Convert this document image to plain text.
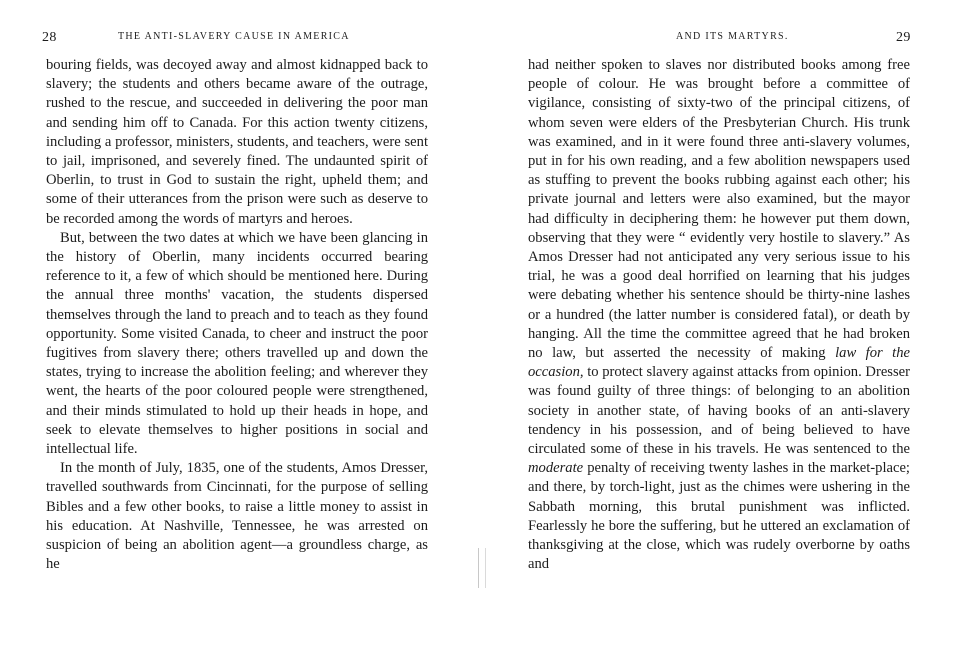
28	THE ANTI-SLAVERY CAUSE IN AMERICA

bouring fields, was decoyed away and almost kidnapped back to slavery; the students and others became aware of the outrage, rushed to the rescue, and succeeded in delivering the poor man and sending him off to Canada. For this action twenty citizens, including a professor, ministers, students, and teachers, were sent to jail, imprisoned, and severely fined. The undaunted spirit of Oberlin, to trust in God to sustain the right, upheld them; and some of their utterances from the prison were such as deserve to be recorded among the words of martyrs and heroes.

But, between the two dates at which we have been glancing in the history of Oberlin, many incidents occurred bearing reference to it, a few of which should be mentioned here. During the annual three months' vacation, the students dispersed themselves through the land to preach and to teach as they found opportunity. Some visited Canada, to cheer and instruct the poor fugitives from slavery there; others travelled up and down the states, trying to increase the abolition feeling; and wherever they went, the hearts of the poor coloured people were strengthened, and their minds stimulated to hold up their heads in hope, and seek to elevate themselves to higher positions in social and intellectual life.

In the month of July, 1835, one of the students, Amos Dresser, travelled southwards from Cincinnati, for the purpose of selling Bibles and a few other books, to raise a little money to assist in his education. At Nashville, Tennessee, he was arrested on suspicion of being an abolition agent—a groundless charge, as he

AND ITS MARTYRS.	29

had neither spoken to slaves nor distributed books among free people of colour. He was brought before a committee of vigilance, consisting of sixty-two of the principal citizens, of whom seven were elders of the Presbyterian Church. His trunk was examined, and in it were found three anti-slavery volumes, put in for his own reading, and a few abolition newspapers used as stuffing to prevent the books rubbing against each other; his private journal and letters were also examined, but the mayor had difficulty in deciphering them: he however put them down, observing that they were “ evidently very hostile to slavery.” As Amos Dresser had not anticipated any very serious issue to his trial, he was a good deal horrified on learning that his judges were debating whether his sentence should be thirty-nine lashes or a hundred (the latter number is considered fatal), or death by hanging. All the time the committee agreed that he had broken no law, but asserted the necessity of making law for the occasion, to protect slavery against attacks from opinion. Dresser was found guilty of three things: of belonging to an abolition society in another state, of having books of an anti-slavery tendency in his possession, and of being believed to have circulated some of these in his travels. He was sentenced to the moderate penalty of receiving twenty lashes in the market-place; and there, by torch-light, just as the chimes were ushering in the Sabbath morning, this brutal punishment was inflicted. Fearlessly he bore the suffering, but he uttered an exclamation of thanksgiving at the close, which was rudely overborne by oaths and
